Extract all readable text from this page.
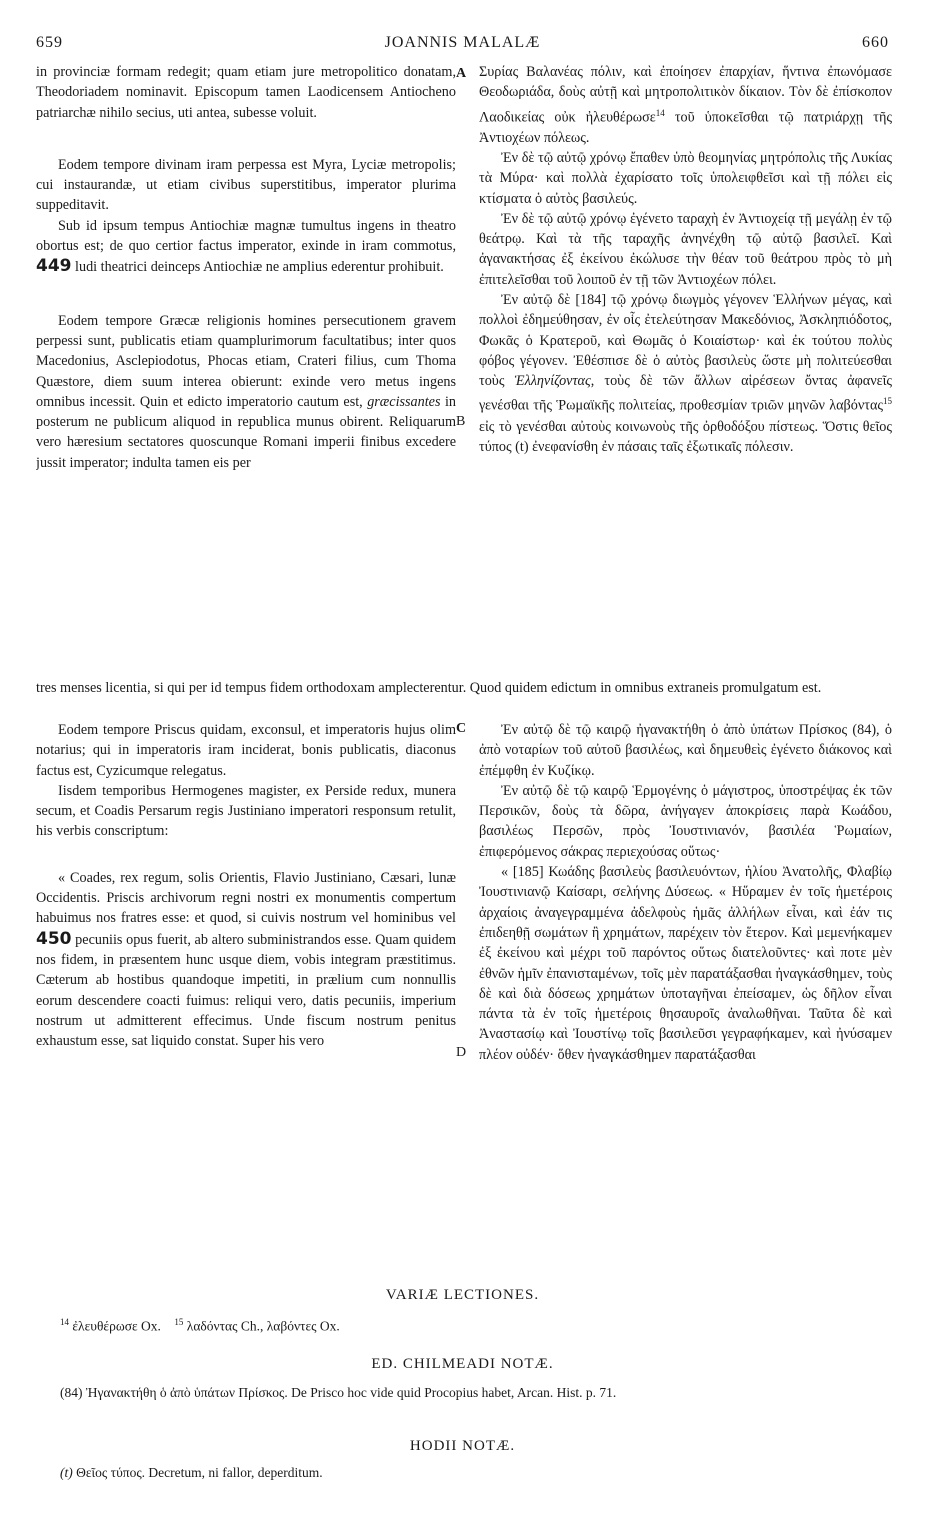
659	JOANNIS MALALÆ	660
A
B
C
D

in provinciæ formam redegit; quam etiam jure metropolitico donatam, Theodoriadem nominavit. Episcopum tamen Laodicensem Antiocheno patriarchæ nihilo secius, uti antea, subesse voluit.

Eodem tempore divinam iram perpessa est Myra, Lyciæ metropolis; cui instaurandæ, ut etiam civibus superstitibus, imperator plurima suppeditavit.

Sub id ipsum tempus Antiochiæ magnæ tumultus ingens in theatro obortus est; de quo certior factus imperator, exinde in iram commotus, 449 ludi theatrici deinceps Antiochiæ ne amplius ederentur prohibuit.

Eodem tempore Græcæ religionis homines persecutionem gravem perpessi sunt, publicatis etiam quamplurimorum facultatibus; inter quos Macedonius, Asclepiodotus, Phocas etiam, Crateri filius, cum Thoma Quæstore, diem suum interea obierunt: exinde vero metus ingens omnibus incessit. Quin et edicto imperatorio cautum est, græcissantes in posterum ne publicum aliquod in republica munus obirent. Reliquarum vero hæresium sectatores quoscunque Romani imperii finibus excedere jussit imperator; indulta tamen eis per

Συρίας Βαλανέας πόλιν, καὶ ἐποίησεν ἐπαρχίαν, ἥντινα ἐπωνόμασε Θεοδωριάδα, δοὺς αὐτῇ καὶ μητροπολιτικὸν δίκαιον. Τὸν δὲ ἐπίσκοπον Λαοδικείας οὐκ ἠλευθέρωσε$^{14}$ τοῦ ὑποκεῖσθαι τῷ πατριάρχῃ τῆς Ἀντιοχέων πόλεως.

Ἐν δὲ τῷ αὐτῷ χρόνῳ ἔπαθεν ὑπὸ θεομηνίας μητρόπολις τῆς Λυκίας τὰ Μύρα· καὶ πολλὰ ἐχαρίσατο τοῖς ὑπολειφθεῖσι καὶ τῇ πόλει εἰς κτίσματα ὁ αὐτὸς βασιλεύς.

Ἐν δὲ τῷ αὐτῷ χρόνῳ ἐγένετο ταραχὴ ἐν Ἀντιοχείᾳ τῇ μεγάλῃ ἐν τῷ θεάτρῳ. Καὶ τὰ τῆς ταραχῆς ἀνηνέχθη τῷ αὐτῷ βασιλεῖ. Καὶ ἀγανακτήσας ἐξ ἐκείνου ἐκώλυσε τὴν θέαν τοῦ θεάτρου πρὸς τὸ μὴ ἐπιτελεῖσθαι τοῦ λοιποῦ ἐν τῇ τῶν Ἀντιοχέων πόλει.

Ἐν αὐτῷ δὲ [184] τῷ χρόνῳ διωγμὸς γέγονεν Ἑλλήνων μέγας, καὶ πολλοὶ ἐδημεύθησαν, ἐν οἷς ἐτελεύτησαν Μακεδόνιος, Ἀσκληπιόδοτος, Φωκᾶς ὁ Κρατεροῦ, καὶ Θωμᾶς ὁ Κοιαίστωρ· καὶ ἐκ τούτου πολὺς φόβος γέγονεν. Ἐθέσπισε δὲ ὁ αὐτὸς βασιλεὺς ὥστε μὴ πολιτεύεσθαι τοὺς Ἑλληνίζοντας, τοὺς δὲ τῶν ἄλλων αἱρέσεων ὄντας ἀφανεῖς γενέσθαι τῆς Ῥωμαϊκῆς πολιτείας, προθεσμίαν τριῶν μηνῶν λαβόντας$^{15}$ εἰς τὸ γενέσθαι αὐτοὺς κοινωνοὺς τῆς ὀρθοδόξου πίστεως. Ὅστις θεῖος τύπος (t) ἐνεφανίσθη ἐν πάσαις ταῖς ἐξωτικαῖς πόλεσιν.

tres menses licentia, si qui per id tempus fidem orthodoxam amplecterentur. Quod quidem edictum in omnibus extraneis promulgatum est.

Eodem tempore Priscus quidam, exconsul, et imperatoris hujus olim notarius; qui in imperatoris iram inciderat, bonis publicatis, diaconus factus est, Cyzicumque relegatus.

Iisdem temporibus Hermogenes magister, ex Perside redux, munera secum, et Coadis Persarum regis Justiniano imperatori responsum retulit, his verbis conscriptum:

« Coades, rex regum, solis Orientis, Flavio Justiniano, Cæsari, lunæ Occidentis. Priscis archivorum regni nostri ex monumentis compertum habuimus nos fratres esse: et quod, si cuivis nostrum vel hominibus vel 450 pecuniis opus fuerit, ab altero subministrandos esse. Quam quidem nos fidem, in præsentem hunc usque diem, vobis integram præstitimus. Cæterum ab hostibus quandoque impetiti, in prælium cum nonnullis eorum descendere coacti fuimus: reliqui vero, datis pecuniis, imperium nostrum ut admitterent effecimus. Unde fiscum nostrum penitus exhaustum esse, sat liquido constat. Super his vero

Ἐν αὐτῷ δὲ τῷ καιρῷ ἠγανακτήθη ὁ ἀπὸ ὑπάτων Πρίσκος (84), ὁ ἀπὸ νοταρίων τοῦ αὐτοῦ βασιλέως, καὶ δημευθεὶς ἐγένετο διάκονος καὶ ἐπέμφθη ἐν Κυζίκῳ.

Ἐν αὐτῷ δὲ τῷ καιρῷ Ἑρμογένης ὁ μάγιστρος, ὑποστρέψας ἐκ τῶν Περσικῶν, δοὺς τὰ δῶρα, ἀνήγαγεν ἀποκρίσεις παρὰ Κωάδου, βασιλέως Περσῶν, πρὸς Ἰουστινιανόν, βασιλέα Ῥωμαίων, ἐπιφερόμενος σάκρας περιεχούσας οὕτως·

« [185] Κωάδης βασιλεὺς βασιλευόντων, ἡλίου Ἀνατολῆς, Φλαβίῳ Ἰουστινιανῷ Καίσαρι, σελήνης Δύσεως. « Ηὕραμεν ἐν τοῖς ἡμετέροις ἀρχαίοις ἀναγεγραμμένα ἀδελφοὺς ἡμᾶς ἀλλήλων εἶναι, καὶ ἐάν τις ἐπιδεηθῇ σωμάτων ἢ χρημάτων, παρέχειν τὸν ἕτερον. Καὶ μεμενήκαμεν ἐξ ἐκείνου καὶ μέχρι τοῦ παρόντος οὕτως διατελοῦντες· καὶ ποτε μὲν ἐθνῶν ἡμῖν ἐπανισταμένων, τοῖς μὲν παρατάξασθαι ἠναγκάσθημεν, τοὺς δὲ καὶ διὰ δόσεως χρημάτων ὑποταγῆναι ἐπείσαμεν, ὡς δῆλον εἶναι πάντα τὰ ἐν τοῖς ἡμετέροις θησαυροῖς ἀναλωθῆναι. Ταῦτα δὲ καὶ Ἀναστασίῳ καὶ Ἰουστίνῳ τοῖς βασιλεῦσι γεγραφήκαμεν, καὶ ἠνύσαμεν πλέον οὐδέν· ὅθεν ἠναγκάσθημεν παρατάξασθαι

VARIÆ LECTIONES.
$^{14}$ ἐλευθέρωσε Ox. $^{15}$ λαδόντας Ch., λαβόντες Ox.
ED. CHILMEADI NOTÆ.
(84) Ἠγανακτήθη ὁ ἀπὸ ὑπάτων Πρίσκος. De Prisco hoc vide quid Procopius habet, Arcan. Hist. p. 71.
HODII NOTÆ.
(t) Θεῖος τύπος. Decretum, ni fallor, deperditum.
